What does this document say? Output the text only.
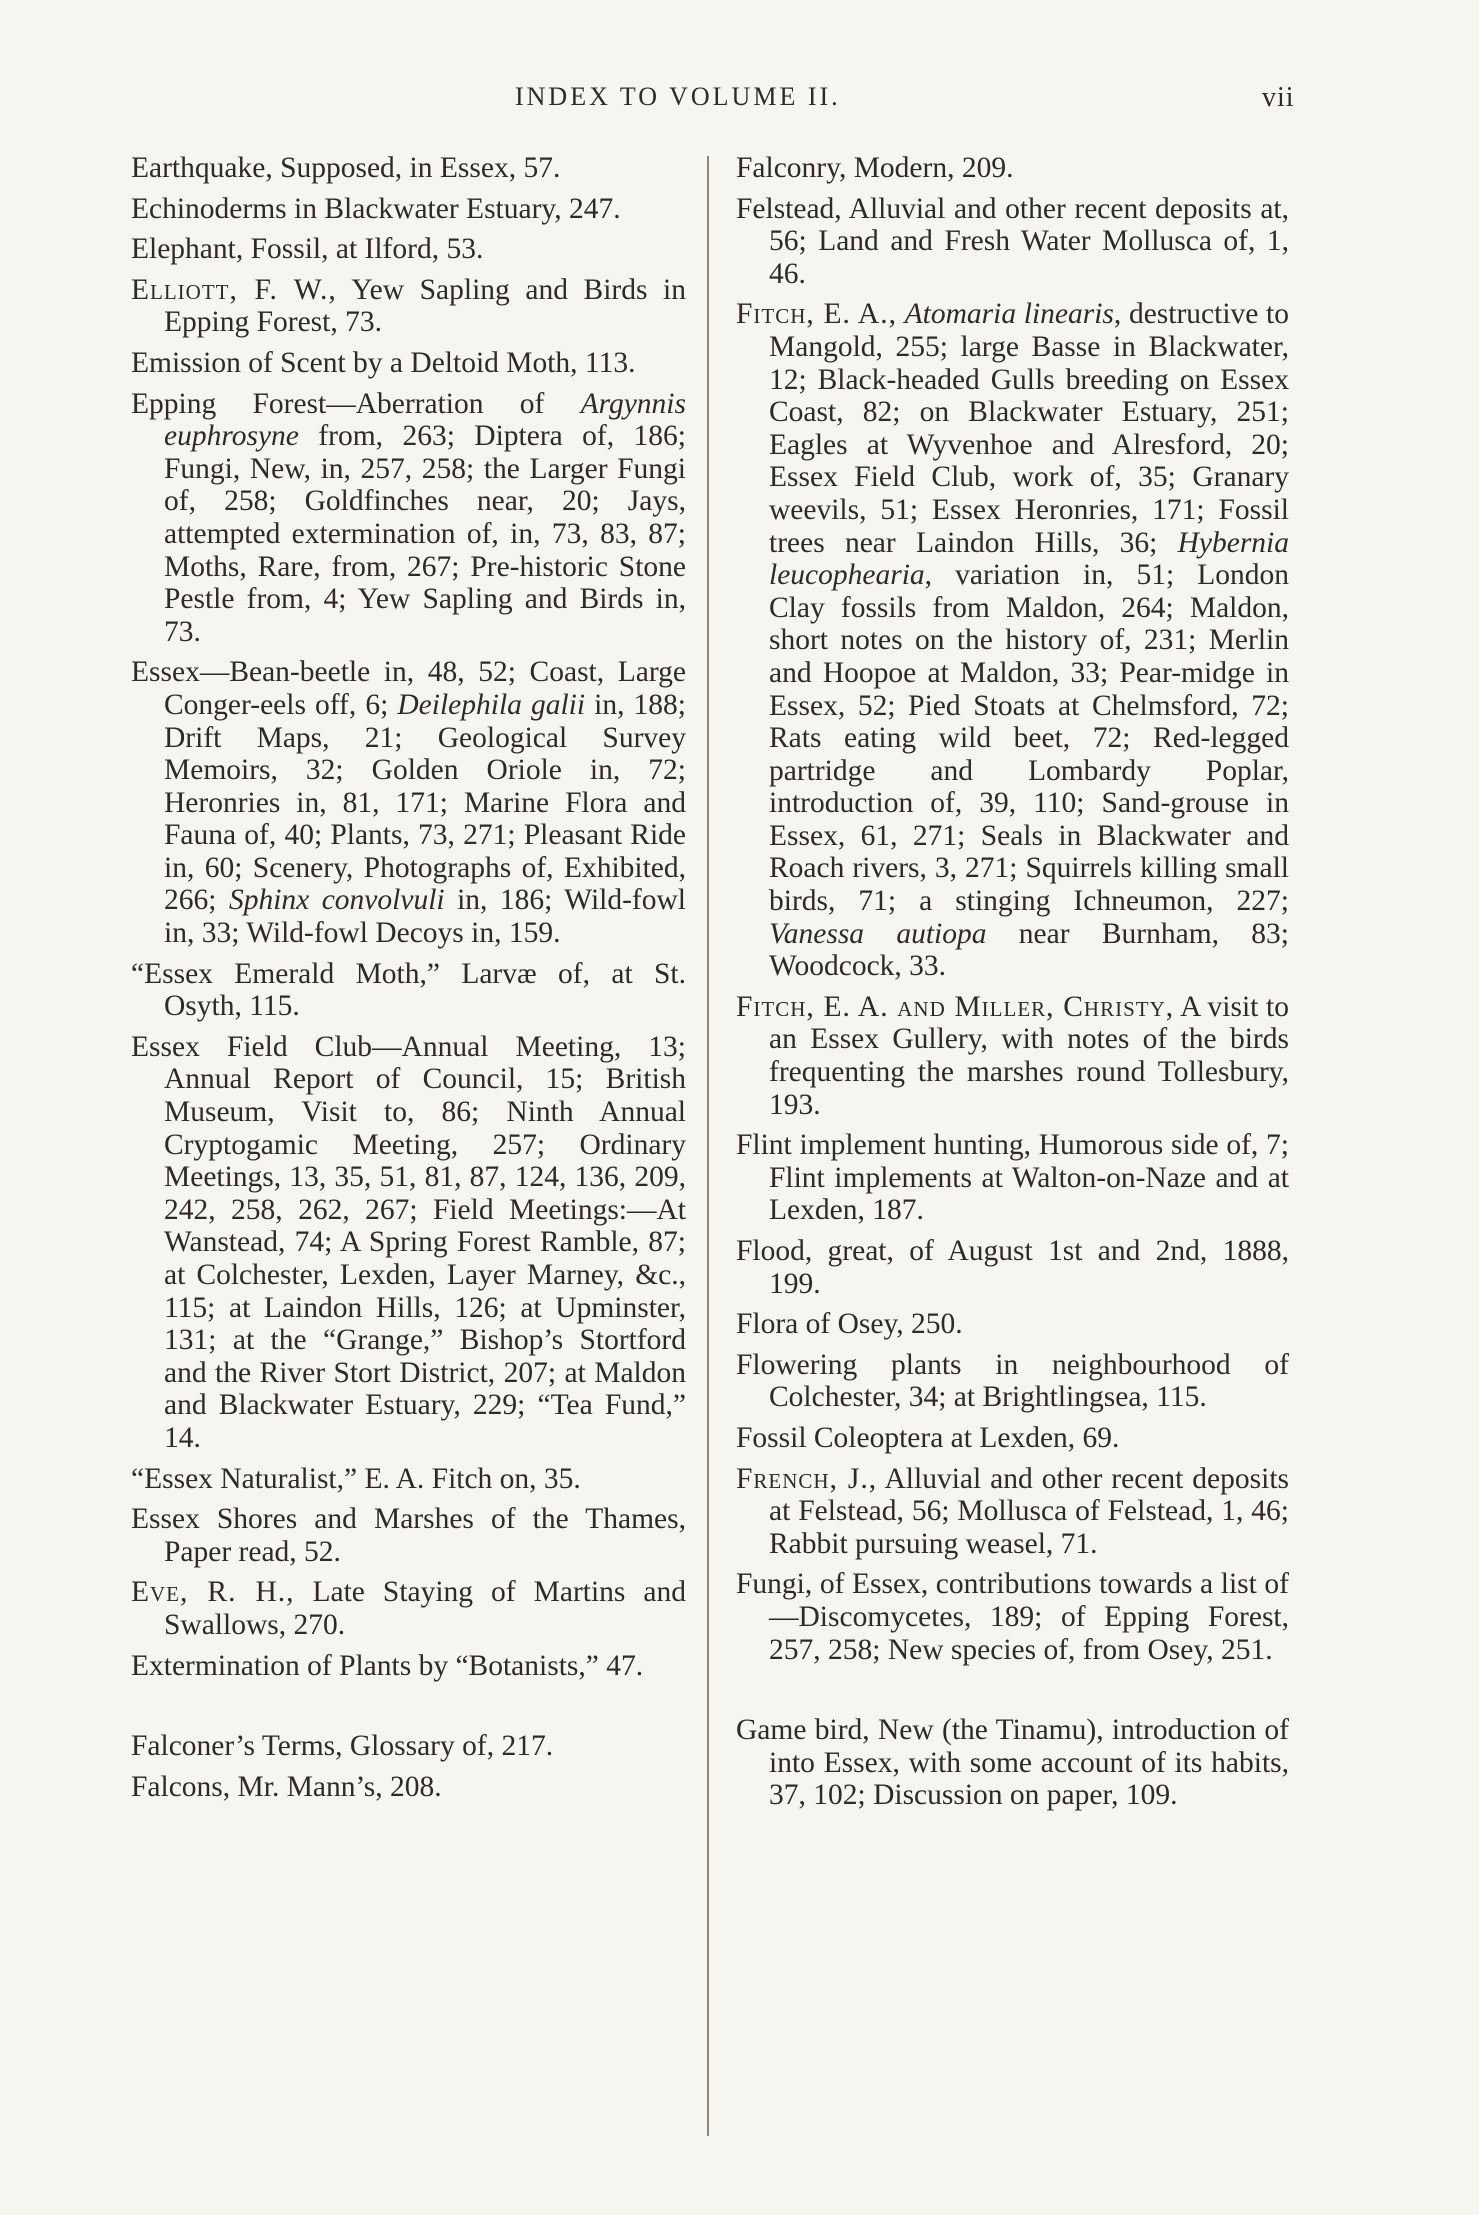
INDEX TO VOLUME II.	vii

Earthquake, Supposed, in Essex, 57.

Echinoderms in Blackwater Estuary, 247.

Elephant, Fossil, at Ilford, 53.

Elliott, F. W., Yew Sapling and Birds in Epping Forest, 73.

Emission of Scent by a Deltoid Moth, 113.

Epping Forest—Aberration of Argynnis euphrosyne from, 263; Diptera of, 186; Fungi, New, in, 257, 258; the Larger Fungi of, 258; Goldfinches near, 20; Jays, attempted extermination of, in, 73, 83, 87; Moths, Rare, from, 267; Pre-historic Stone Pestle from, 4; Yew Sapling and Birds in, 73.

Essex—Bean-beetle in, 48, 52; Coast, Large Conger-eels off, 6; Deilephila galii in, 188; Drift Maps, 21; Geological Survey Memoirs, 32; Golden Oriole in, 72; Heronries in, 81, 171; Marine Flora and Fauna of, 40; Plants, 73, 271; Pleasant Ride in, 60; Scenery, Photographs of, Exhibited, 266; Sphinx convolvuli in, 186; Wild-fowl in, 33; Wild-fowl Decoys in, 159.

“Essex Emerald Moth,” Larvæ of, at St. Osyth, 115.

Essex Field Club—Annual Meeting, 13; Annual Report of Council, 15; British Museum, Visit to, 86; Ninth Annual Cryptogamic Meeting, 257; Ordinary Meetings, 13, 35, 51, 81, 87, 124, 136, 209, 242, 258, 262, 267; Field Meetings:—At Wanstead, 74; A Spring Forest Ramble, 87; at Colchester, Lexden, Layer Marney, &c., 115; at Laindon Hills, 126; at Upminster, 131; at the “Grange,” Bishop’s Stortford and the River Stort District, 207; at Maldon and Blackwater Estuary, 229; “Tea Fund,” 14.

“Essex Naturalist,” E. A. Fitch on, 35.

Essex Shores and Marshes of the Thames, Paper read, 52.

Eve, R. H., Late Staying of Martins and Swallows, 270.

Extermination of Plants by “Botanists,” 47.

Falconer’s Terms, Glossary of, 217.

Falcons, Mr. Mann’s, 208.

Falconry, Modern, 209.

Felstead, Alluvial and other recent deposits at, 56; Land and Fresh Water Mollusca of, 1, 46.

Fitch, E. A., Atomaria linearis, destructive to Mangold, 255; large Basse in Blackwater, 12; Black-headed Gulls breeding on Essex Coast, 82; on Blackwater Estuary, 251; Eagles at Wyvenhoe and Alresford, 20; Essex Field Club, work of, 35; Granary weevils, 51; Essex Heronries, 171; Fossil trees near Laindon Hills, 36; Hybernia leucophearia, variation in, 51; London Clay fossils from Maldon, 264; Maldon, short notes on the history of, 231; Merlin and Hoopoe at Maldon, 33; Pear-midge in Essex, 52; Pied Stoats at Chelmsford, 72; Rats eating wild beet, 72; Red-legged partridge and Lombardy Poplar, introduction of, 39, 110; Sand-grouse in Essex, 61, 271; Seals in Blackwater and Roach rivers, 3, 271; Squirrels killing small birds, 71; a stinging Ichneumon, 227; Vanessa autiopa near Burnham, 83; Woodcock, 33.

Fitch, E. A. and Miller, Christy, A visit to an Essex Gullery, with notes of the birds frequenting the marshes round Tollesbury, 193.

Flint implement hunting, Humorous side of, 7; Flint implements at Walton-on-Naze and at Lexden, 187.

Flood, great, of August 1st and 2nd, 1888, 199.

Flora of Osey, 250.

Flowering plants in neighbourhood of Colchester, 34; at Brightlingsea, 115.

Fossil Coleoptera at Lexden, 69.

French, J., Alluvial and other recent deposits at Felstead, 56; Mollusca of Felstead, 1, 46; Rabbit pursuing weasel, 71.

Fungi, of Essex, contributions towards a list of—Discomycetes, 189; of Epping Forest, 257, 258; New species of, from Osey, 251.

Game bird, New (the Tinamu), introduction of into Essex, with some account of its habits, 37, 102; Discussion on paper, 109.
